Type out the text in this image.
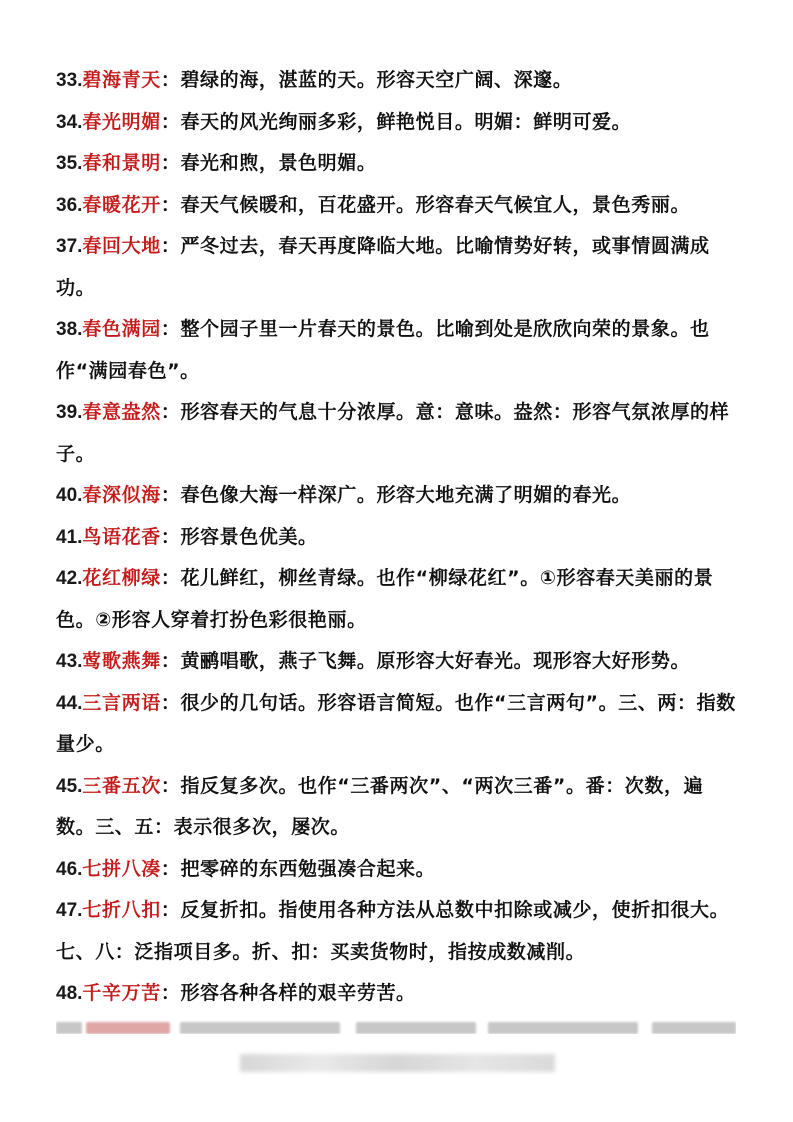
33.碧海青天：碧绿的海，湛蓝的天。形容天空广阔、深邃。

34.春光明媚：春天的风光绚丽多彩，鲜艳悦目。明媚：鲜明可爱。

35.春和景明：春光和煦，景色明媚。

36.春暖花开：春天气候暖和，百花盛开。形容春天气候宜人，景色秀丽。

37.春回大地：严冬过去，春天再度降临大地。比喻情势好转，或事情圆满成功。

38.春色满园：整个园子里一片春天的景色。比喻到处是欣欣向荣的景象。也作“满园春色”。

39.春意盎然：形容春天的气息十分浓厚。意：意味。盎然：形容气氛浓厚的样子。

40.春深似海：春色像大海一样深广。形容大地充满了明媚的春光。

41.鸟语花香：形容景色优美。

42.花红柳绿：花儿鲜红，柳丝青绿。也作“柳绿花红”。①形容春天美丽的景色。②形容人穿着打扮色彩很艳丽。

43.莺歌燕舞：黄鹂唱歌，燕子飞舞。原形容大好春光。现形容大好形势。

44.三言两语：很少的几句话。形容语言简短。也作“三言两句”。三、两：指数量少。

45.三番五次：指反复多次。也作“三番两次”、“两次三番”。番：次数，遍数。三、五：表示很多次，屡次。

46.七拼八凑：把零碎的东西勉强凑合起来。

47.七折八扣：反复折扣。指使用各种方法从总数中扣除或减少，使折扣很大。七、八：泛指项目多。折、扣：买卖货物时，指按成数减削。

48.千辛万苦：形容各种各样的艰辛劳苦。
